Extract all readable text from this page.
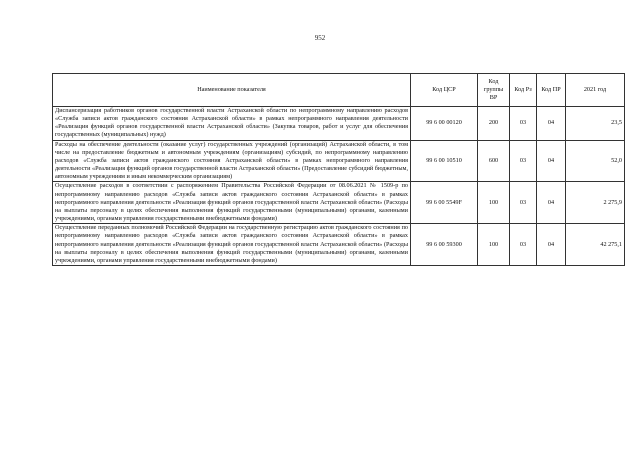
952
Наименование показателя	Код ЦСР	Код группы ВР	Код Рз	Код ПР	2021 год
Диспансеризация работников органов государственной власти Астраханской области по непрограммному направлению расходов «Служба записи актов гражданского состояния Астраханской области» в рамках непрограммного направления деятельности «Реализация функций органов государственной власти Астраханской области» (Закупка товаров, работ и услуг для обеспечения государственных (муниципальных) нужд)	99 6 00 00120	200	03	04	23,5
Расходы на обеспечение деятельности (оказание услуг) государственных учреждений (организаций) Астраханской области, в том числе на предоставление бюджетным и автономным учреждениям (организациям) субсидий, по непрограммному направлению расходов «Служба записи актов гражданского состояния Астраханской области» в рамках непрограммного направления деятельности «Реализация функций органов государственной власти Астраханской области» (Предоставление субсидий бюджетным, автономным учреждениям и иным некоммерческим организациям)	99 6 00 10510	600	03	04	52,0
Осуществление расходов в соответствии с распоряжением Правительства Российской Федерации от 08.06.2021 № 1509-р по непрограммному направлению расходов «Служба записи актов гражданского состояния Астраханской области» в рамках непрограммного направления деятельности «Реализация функций органов государственной власти Астраханской области» (Расходы на выплаты персоналу в целях обеспечения выполнения функций государственными (муниципальными) органами, казенными учреждениями, органами управления государственными внебюджетными фондами)	99 6 00 5549F	100	03	04	2 275,9
Осуществление переданных полномочий Российской Федерации на государственную регистрацию актов гражданского состояния по непрограммному направлению расходов «Служба записи актов гражданского состояния Астраханской области» в рамках непрограммного направления деятельности «Реализация функций органов государственной власти Астраханской области» (Расходы на выплаты персоналу в целях обеспечения выполнения функций государственными (муниципальными) органами, казенными учреждениями, органами управления государственными внебюджетными фондами)	99 6 00 59300	100	03	04	42 275,1
